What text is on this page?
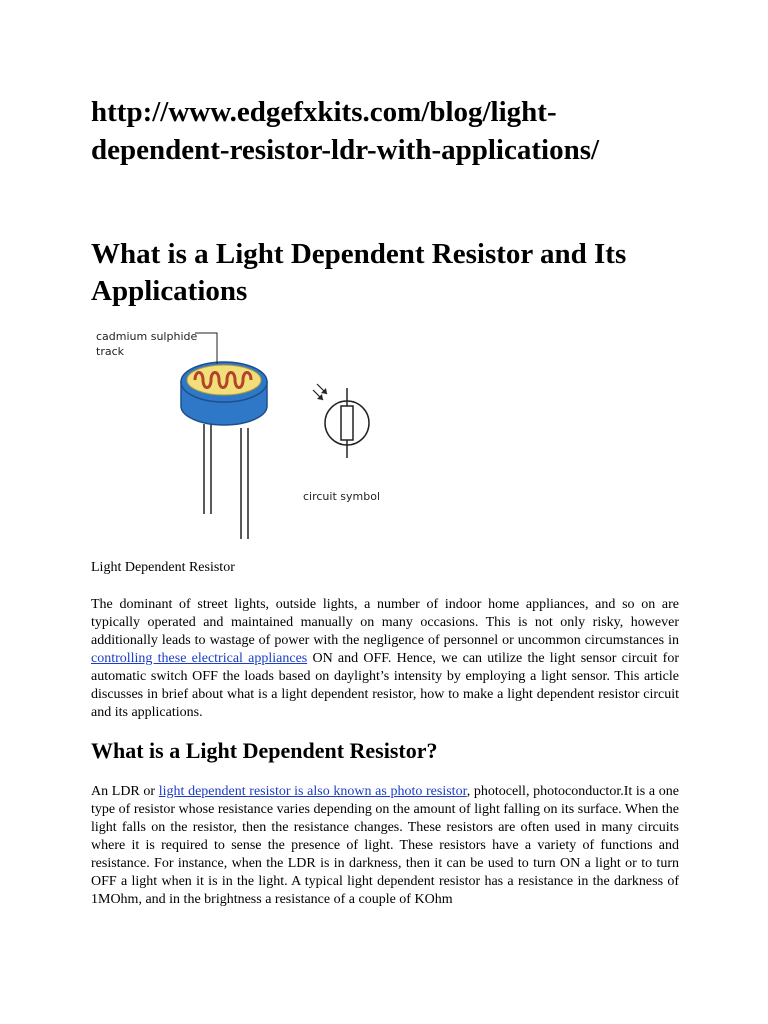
http://www.edgefxkits.com/blog/light-dependent-resistor-ldr-with-applications/
What is a Light Dependent Resistor and Its Applications
cadmium sulphide
track
circuit symbol
Light Dependent Resistor

The dominant of street lights, outside lights, a number of indoor home appliances, and so on are typically operated and maintained manually on many occasions. This is not only risky, however additionally leads to wastage of power with the negligence of personnel or uncommon circumstances in controlling these electrical appliances ON and OFF. Hence, we can utilize the light sensor circuit for automatic switch OFF the loads based on daylight’s intensity by employing a light sensor. This article discusses in brief about what is a light dependent resistor, how to make a light dependent resistor circuit and its applications.

What is a Light Dependent Resistor?

An LDR or light dependent resistor is also known as photo resistor, photocell, photoconductor.It is a one type of resistor whose resistance varies depending on the amount of light falling on its surface. When the light falls on the resistor, then the resistance changes. These resistors are often used in many circuits where it is required to sense the presence of light. These resistors have a variety of functions and resistance. For instance, when the LDR is in darkness, then it can be used to turn ON a light or to turn OFF a light when it is in the light. A typical light dependent resistor has a resistance in the darkness of 1MOhm, and in the brightness a resistance of a couple of KOhm
